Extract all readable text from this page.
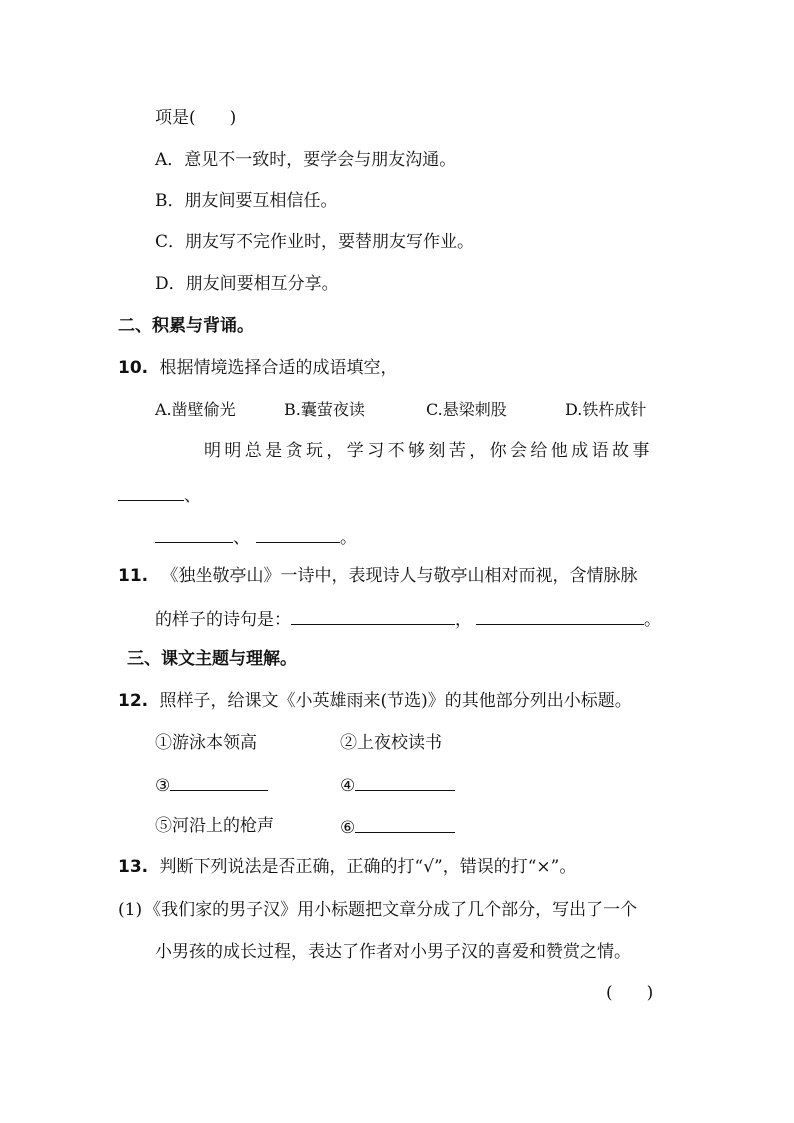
项是(　　)
A．意见不一致时，要学会与朋友沟通。
B．朋友间要互相信任。
C．朋友写不完作业时，要替朋友写作业。
D．朋友间要相互分享。
二、积累与背诵。
10. 根据情境选择合适的成语填空，
A.凿壁偷光	B.囊萤夜读	C.悬梁刺股	D.铁杵成针
明明总是贪玩，学习不够刻苦，你会给他成语故事
、
、	。
11. 《独坐敬亭山》一诗中，表现诗人与敬亭山相对而视，含情脉脉
的样子的诗句是：	，	。
三、课文主题与理解。
12. 照样子，给课文《小英雄雨来(节选)》的其他部分列出小标题。
①游泳本领高	②上夜校读书
③	④
⑤河沿上的枪声	⑥
13. 判断下列说法是否正确，正确的打“√”，错误的打“×”。
(1) 《我们家的男子汉》用小标题把文章分成了几个部分，写出了一个
小男孩的成长过程，表达了作者对小男子汉的喜爱和赞赏之情。
(　　)
